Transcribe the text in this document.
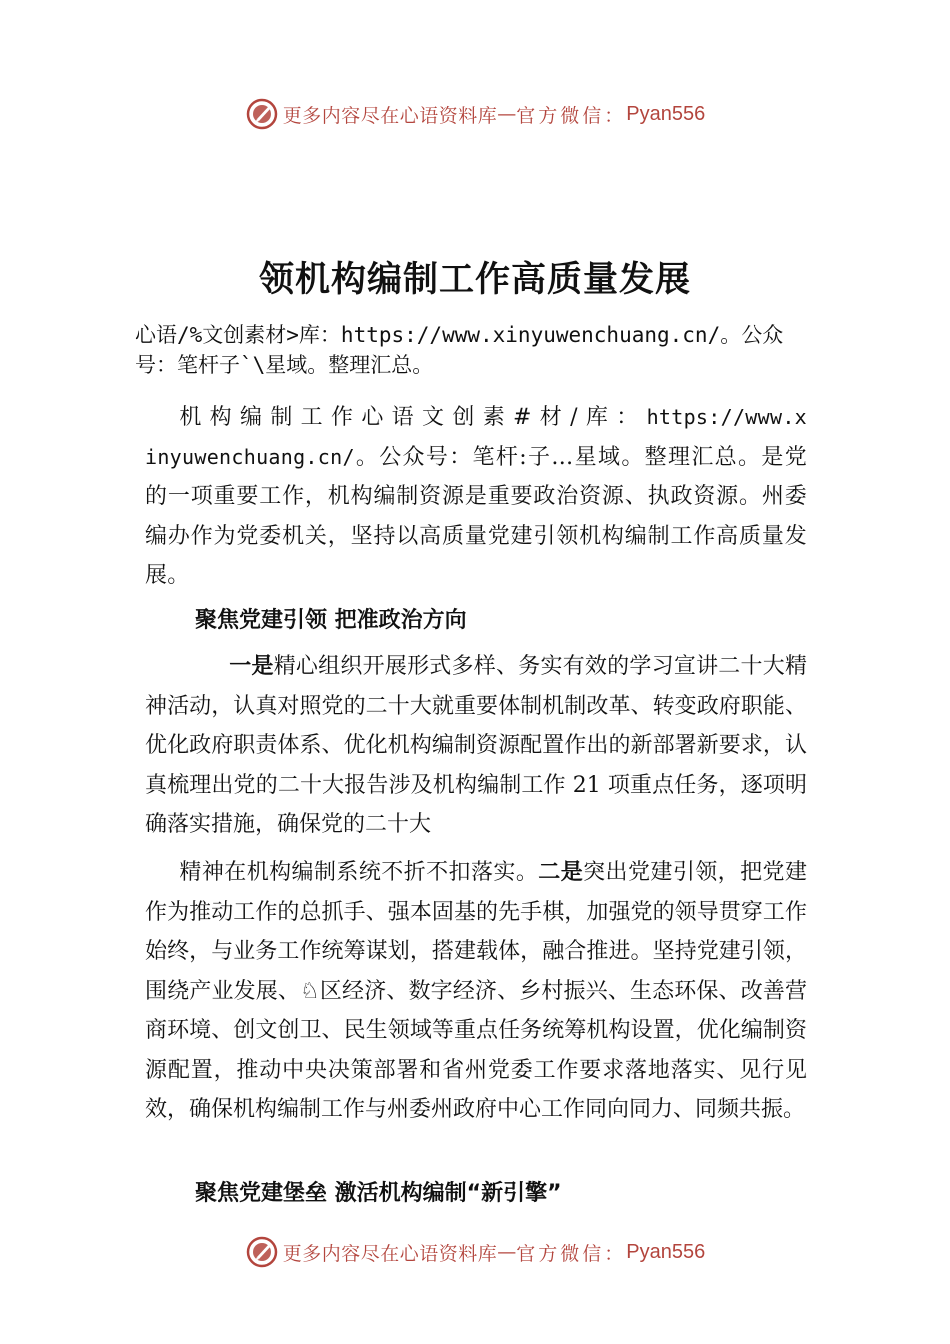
更多内容尽在心语资料库 — 官方微信： Pyan556
领机构编制工作高质量发展

心语/%文创素材>库：https://www.xinyuwenchuang.cn/。公众号：笔杆子`\星域。整理汇总。

机构编制工作心语文创素#材/库：https://www.xinyuwenchuang.cn/。公众号：笔杆:子…星域。整理汇总。是党的一项重要工作，机构编制资源是重要政治资源、执政资源。州委编办作为党委机关，坚持以高质量党建引领机构编制工作高质量发展。

聚焦党建引领 把准政治方向

一是精心组织开展形式多样、务实有效的学习宣讲二十大精神活动，认真对照党的二十大就重要体制机制改革、转变政府职能、优化政府职责体系、优化机构编制资源配置作出的新部署新要求，认真梳理出党的二十大报告涉及机构编制工作 21 项重点任务，逐项明确落实措施，确保党的二十大

精神在机构编制系统不折不扣落实。二是突出党建引领，把党建作为推动工作的总抓手、强本固基的先手棋，加强党的领导贯穿工作始终，与业务工作统筹谋划，搭建载体，融合推进。坚持党建引领，围绕产业发展、♘区经济、数字经济、乡村振兴、生态环保、改善营商环境、创文创卫、民生领域等重点任务统筹机构设置，优化编制资源配置，推动中央决策部署和省州党委工作要求落地落实、见行见效，确保机构编制工作与州委州政府中心工作同向同力、同频共振。

聚焦党建堡垒 激活机构编制“新引擎”

更多内容尽在心语资料库 — 官方微信： Pyan556
